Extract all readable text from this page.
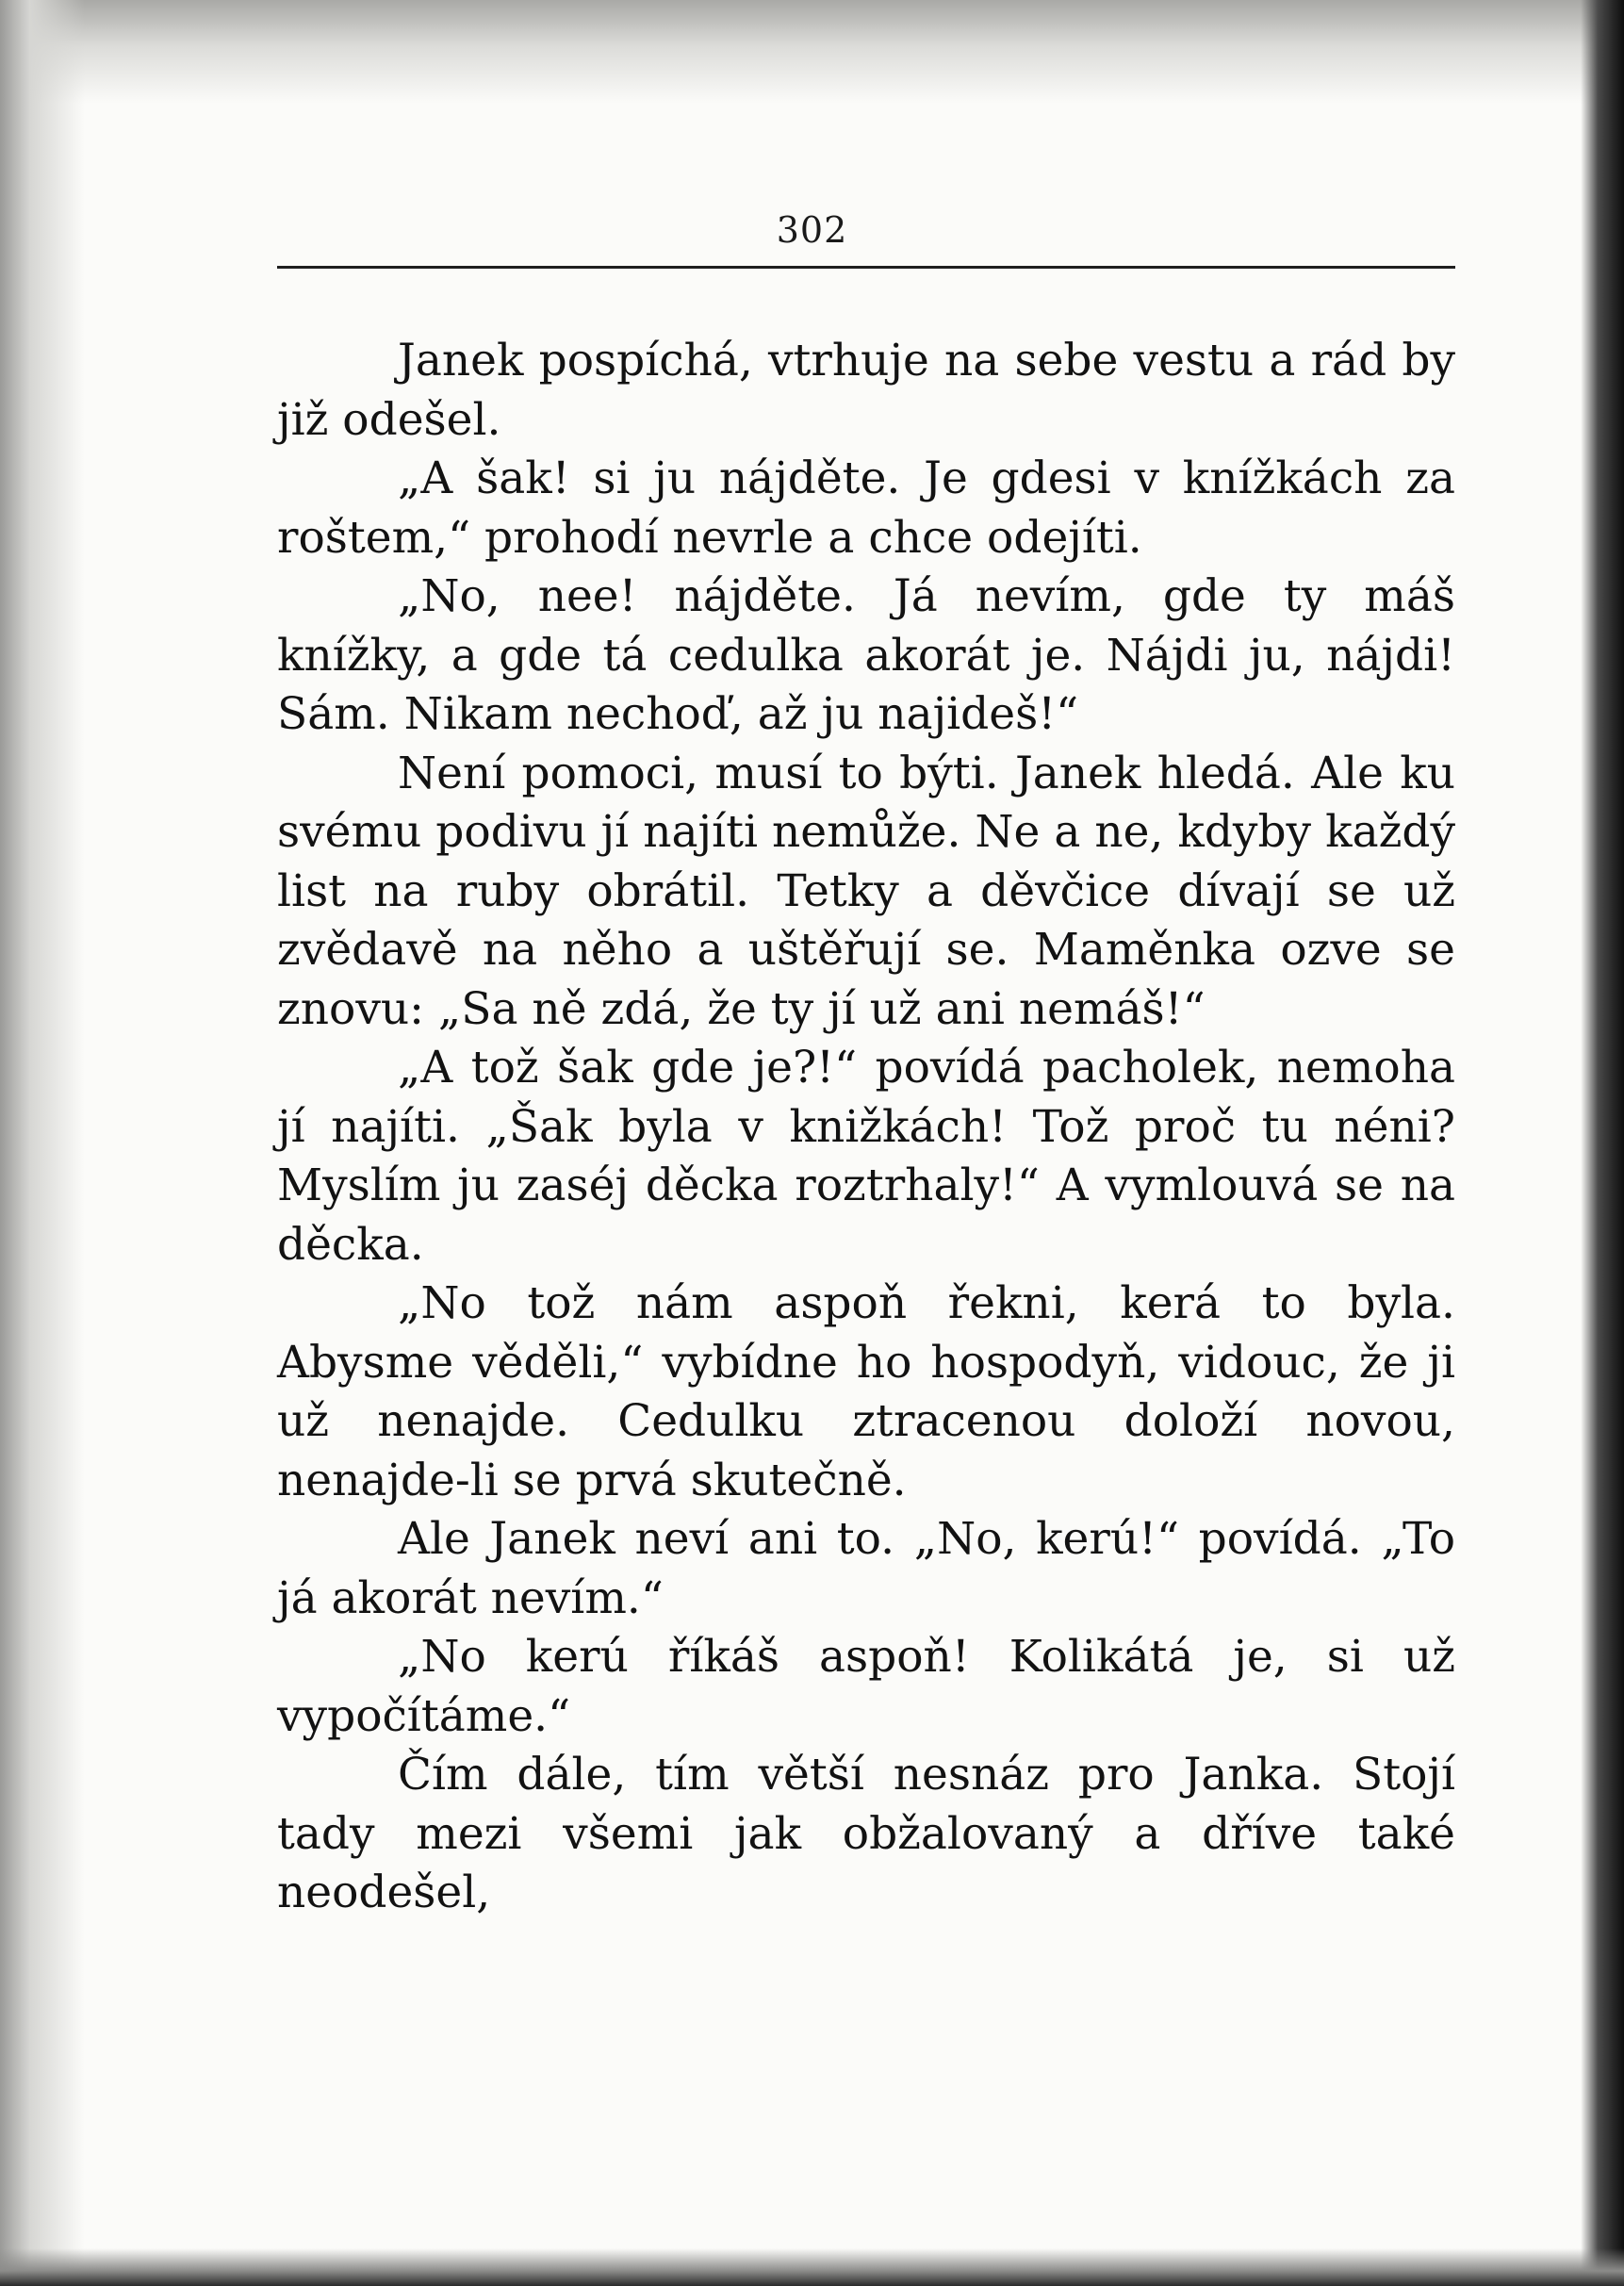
302

Janek pospíchá, vtrhuje na sebe vestu a rád by již odešel.

„A šak! si ju nájděte. Je gdesi v knížkách za roštem,“ prohodí nevrle a chce odejíti.

„No, nee! nájděte. Já nevím, gde ty máš knížky, a gde tá cedulka akorát je. Nájdi ju, nájdi! Sám. Nikam nechoď, až ju najideš!“

Není pomoci, musí to býti. Janek hledá. Ale ku svému podivu jí najíti nemůže. Ne a ne, kdyby každý list na ruby obrátil. Tetky a děvčice dívají se už zvědavě na něho a uštěřují se. Maměnka ozve se znovu: „Sa ně zdá, že ty jí už ani nemáš!“

„A tož šak gde je?!“ povídá pacholek, nemoha jí najíti. „Šak byla v knižkách! Tož proč tu néni? Myslím ju zaséj děcka roztrhaly!“ A vymlouvá se na děcka.

„No tož nám aspoň řekni, kerá to byla. Abysme věděli,“ vybídne ho hospodyň, vidouc, že ji už nenajde. Cedulku ztracenou doloží novou, nenajde-li se prvá skutečně.

Ale Janek neví ani to. „No, kerú!“ povídá. „To já akorát nevím.“

„No kerú říkáš aspoň! Kolikátá je, si už vypočítáme.“

Čím dále, tím větší nesnáz pro Janka. Stojí tady mezi všemi jak obžalovaný a dříve také neodešel,
